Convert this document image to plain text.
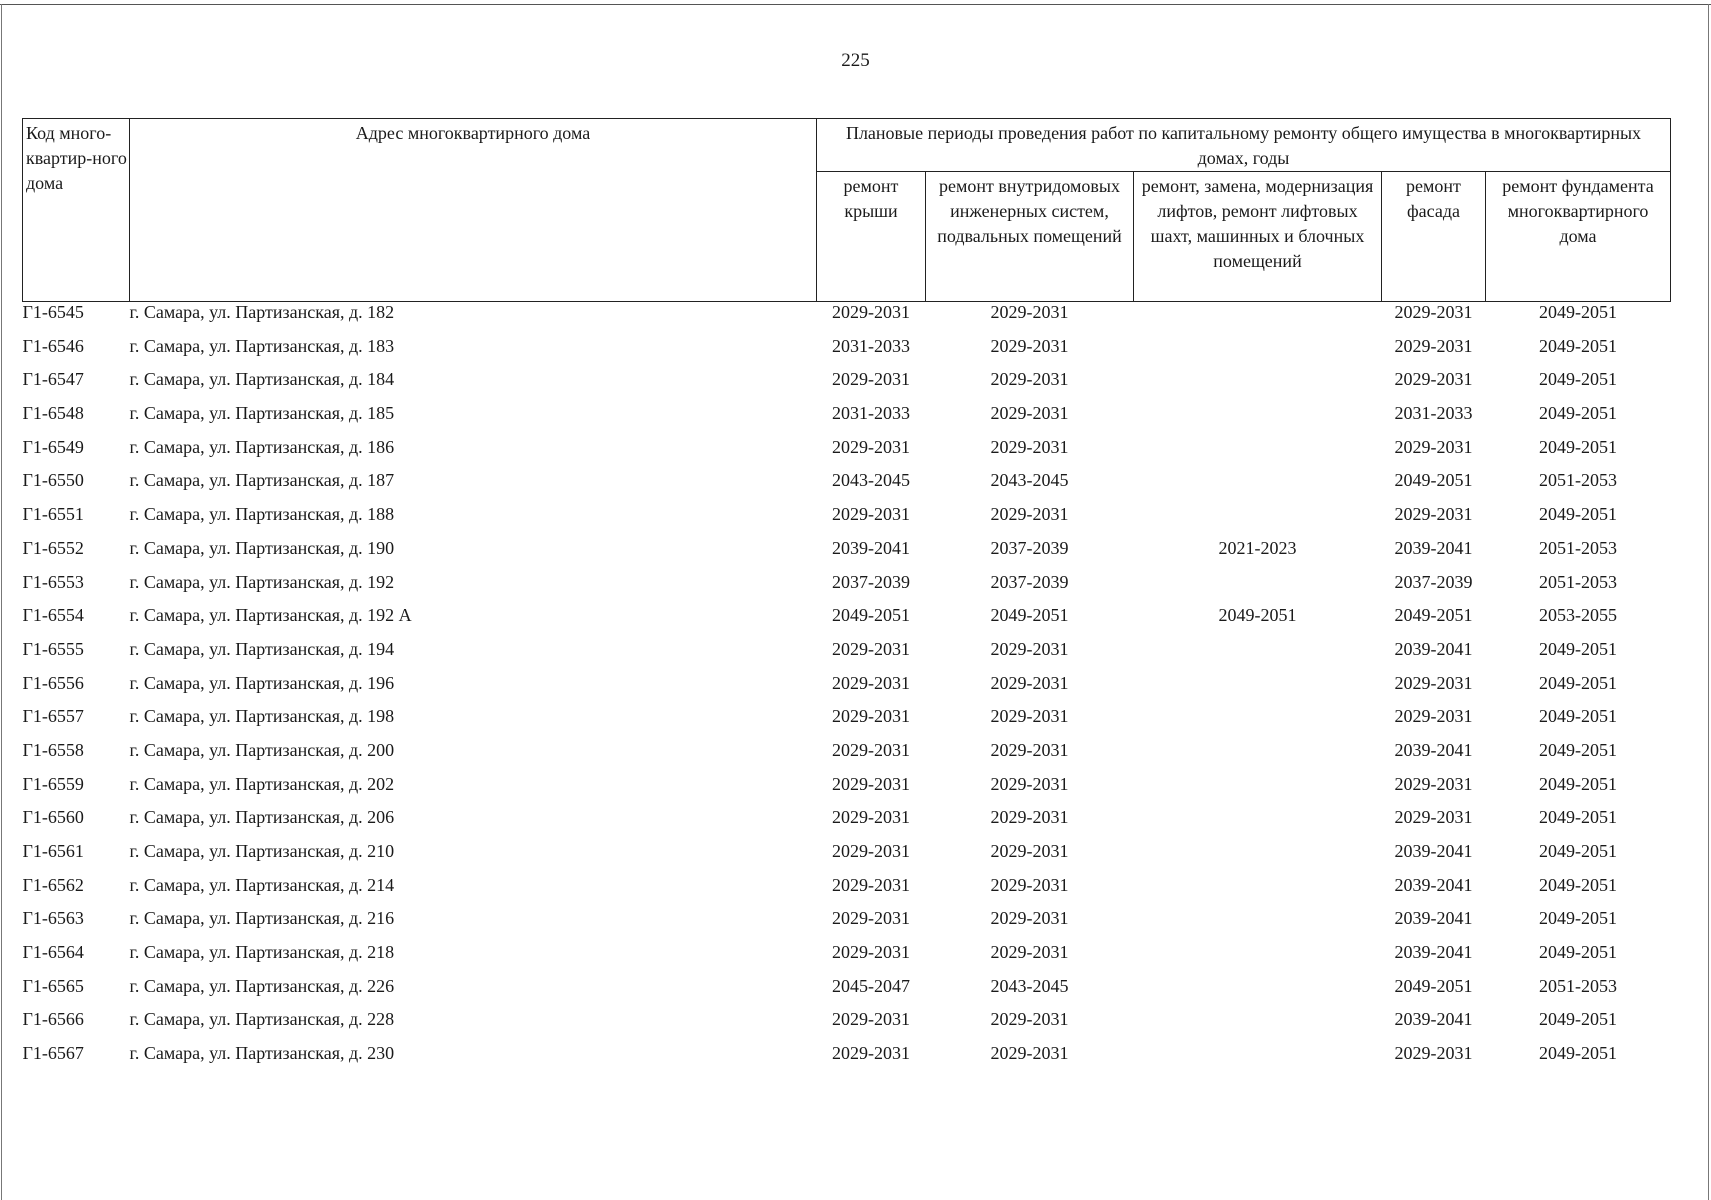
225
Код много-квартир-ного дома	Адрес многоквартирного дома	Плановые периоды проведения работ по капитальному ремонту общего имущества в многоквартирных домах, годы				
		ремонт крыши	ремонт внутридомовых инженерных систем, подвальных помещений	ремонт, замена, модернизация лифтов, ремонт лифтовых шахт, машинных и блочных помещений	ремонт фасада	ремонт фундамента многоквартирного дома
Г1-6545	г. Самара, ул. Партизанская, д. 182	2029-2031	2029-2031		2029-2031	2049-2051
Г1-6546	г. Самара, ул. Партизанская, д. 183	2031-2033	2029-2031		2029-2031	2049-2051
Г1-6547	г. Самара, ул. Партизанская, д. 184	2029-2031	2029-2031		2029-2031	2049-2051
Г1-6548	г. Самара, ул. Партизанская, д. 185	2031-2033	2029-2031		2031-2033	2049-2051
Г1-6549	г. Самара, ул. Партизанская, д. 186	2029-2031	2029-2031		2029-2031	2049-2051
Г1-6550	г. Самара, ул. Партизанская, д. 187	2043-2045	2043-2045		2049-2051	2051-2053
Г1-6551	г. Самара, ул. Партизанская, д. 188	2029-2031	2029-2031		2029-2031	2049-2051
Г1-6552	г. Самара, ул. Партизанская, д. 190	2039-2041	2037-2039	2021-2023	2039-2041	2051-2053
Г1-6553	г. Самара, ул. Партизанская, д. 192	2037-2039	2037-2039		2037-2039	2051-2053
Г1-6554	г. Самара, ул. Партизанская, д. 192 А	2049-2051	2049-2051	2049-2051	2049-2051	2053-2055
Г1-6555	г. Самара, ул. Партизанская, д. 194	2029-2031	2029-2031		2039-2041	2049-2051
Г1-6556	г. Самара, ул. Партизанская, д. 196	2029-2031	2029-2031		2029-2031	2049-2051
Г1-6557	г. Самара, ул. Партизанская, д. 198	2029-2031	2029-2031		2029-2031	2049-2051
Г1-6558	г. Самара, ул. Партизанская, д. 200	2029-2031	2029-2031		2039-2041	2049-2051
Г1-6559	г. Самара, ул. Партизанская, д. 202	2029-2031	2029-2031		2029-2031	2049-2051
Г1-6560	г. Самара, ул. Партизанская, д. 206	2029-2031	2029-2031		2029-2031	2049-2051
Г1-6561	г. Самара, ул. Партизанская, д. 210	2029-2031	2029-2031		2039-2041	2049-2051
Г1-6562	г. Самара, ул. Партизанская, д. 214	2029-2031	2029-2031		2039-2041	2049-2051
Г1-6563	г. Самара, ул. Партизанская, д. 216	2029-2031	2029-2031		2039-2041	2049-2051
Г1-6564	г. Самара, ул. Партизанская, д. 218	2029-2031	2029-2031		2039-2041	2049-2051
Г1-6565	г. Самара, ул. Партизанская, д. 226	2045-2047	2043-2045		2049-2051	2051-2053
Г1-6566	г. Самара, ул. Партизанская, д. 228	2029-2031	2029-2031		2039-2041	2049-2051
Г1-6567	г. Самара, ул. Партизанская, д. 230	2029-2031	2029-2031		2029-2031	2049-2051
